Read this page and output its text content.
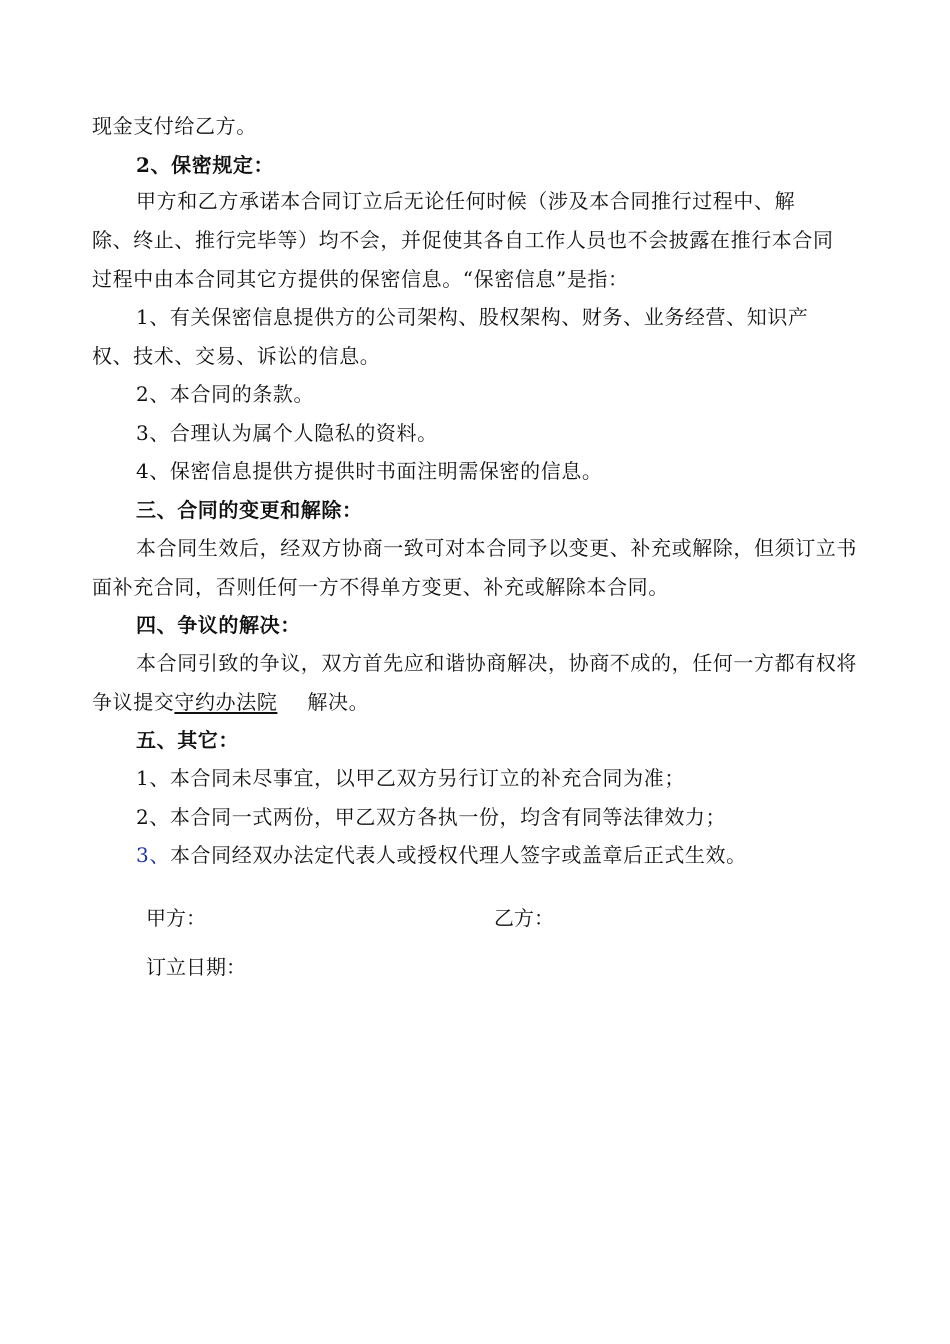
现金支付给乙方。
2、保密规定：
甲方和乙方承诺本合同订立后无论任何时候（涉及本合同推行过程中、解
除、终止、推行完毕等）均不会，并促使其各自工作人员也不会披露在推行本合同
过程中由本合同其它方提供的保密信息。“保密信息”是指：
1、有关保密信息提供方的公司架构、股权架构、财务、业务经营、知识产
权、技术、交易、诉讼的信息。
2、本合同的条款。
3、合理认为属个人隐私的资料。
4、保密信息提供方提供时书面注明需保密的信息。
三、合同的变更和解除：
本合同生效后，经双方协商一致可对本合同予以变更、补充或解除，但须订立书
面补充合同，否则任何一方不得单方变更、补充或解除本合同。
四、争议的解决：
本合同引致的争议，双方首先应和谐协商解决，协商不成的，任何一方都有权将
争议提交守约办法院 解决。
五、其它：
1、本合同未尽事宜，以甲乙双方另行订立的补充合同为准；
2、本合同一式两份，甲乙双方各执一份，均含有同等法律效力；
3、本合同经双办法定代表人或授权代理人签字或盖章后正式生效。
甲方：	乙方：
订立日期：
